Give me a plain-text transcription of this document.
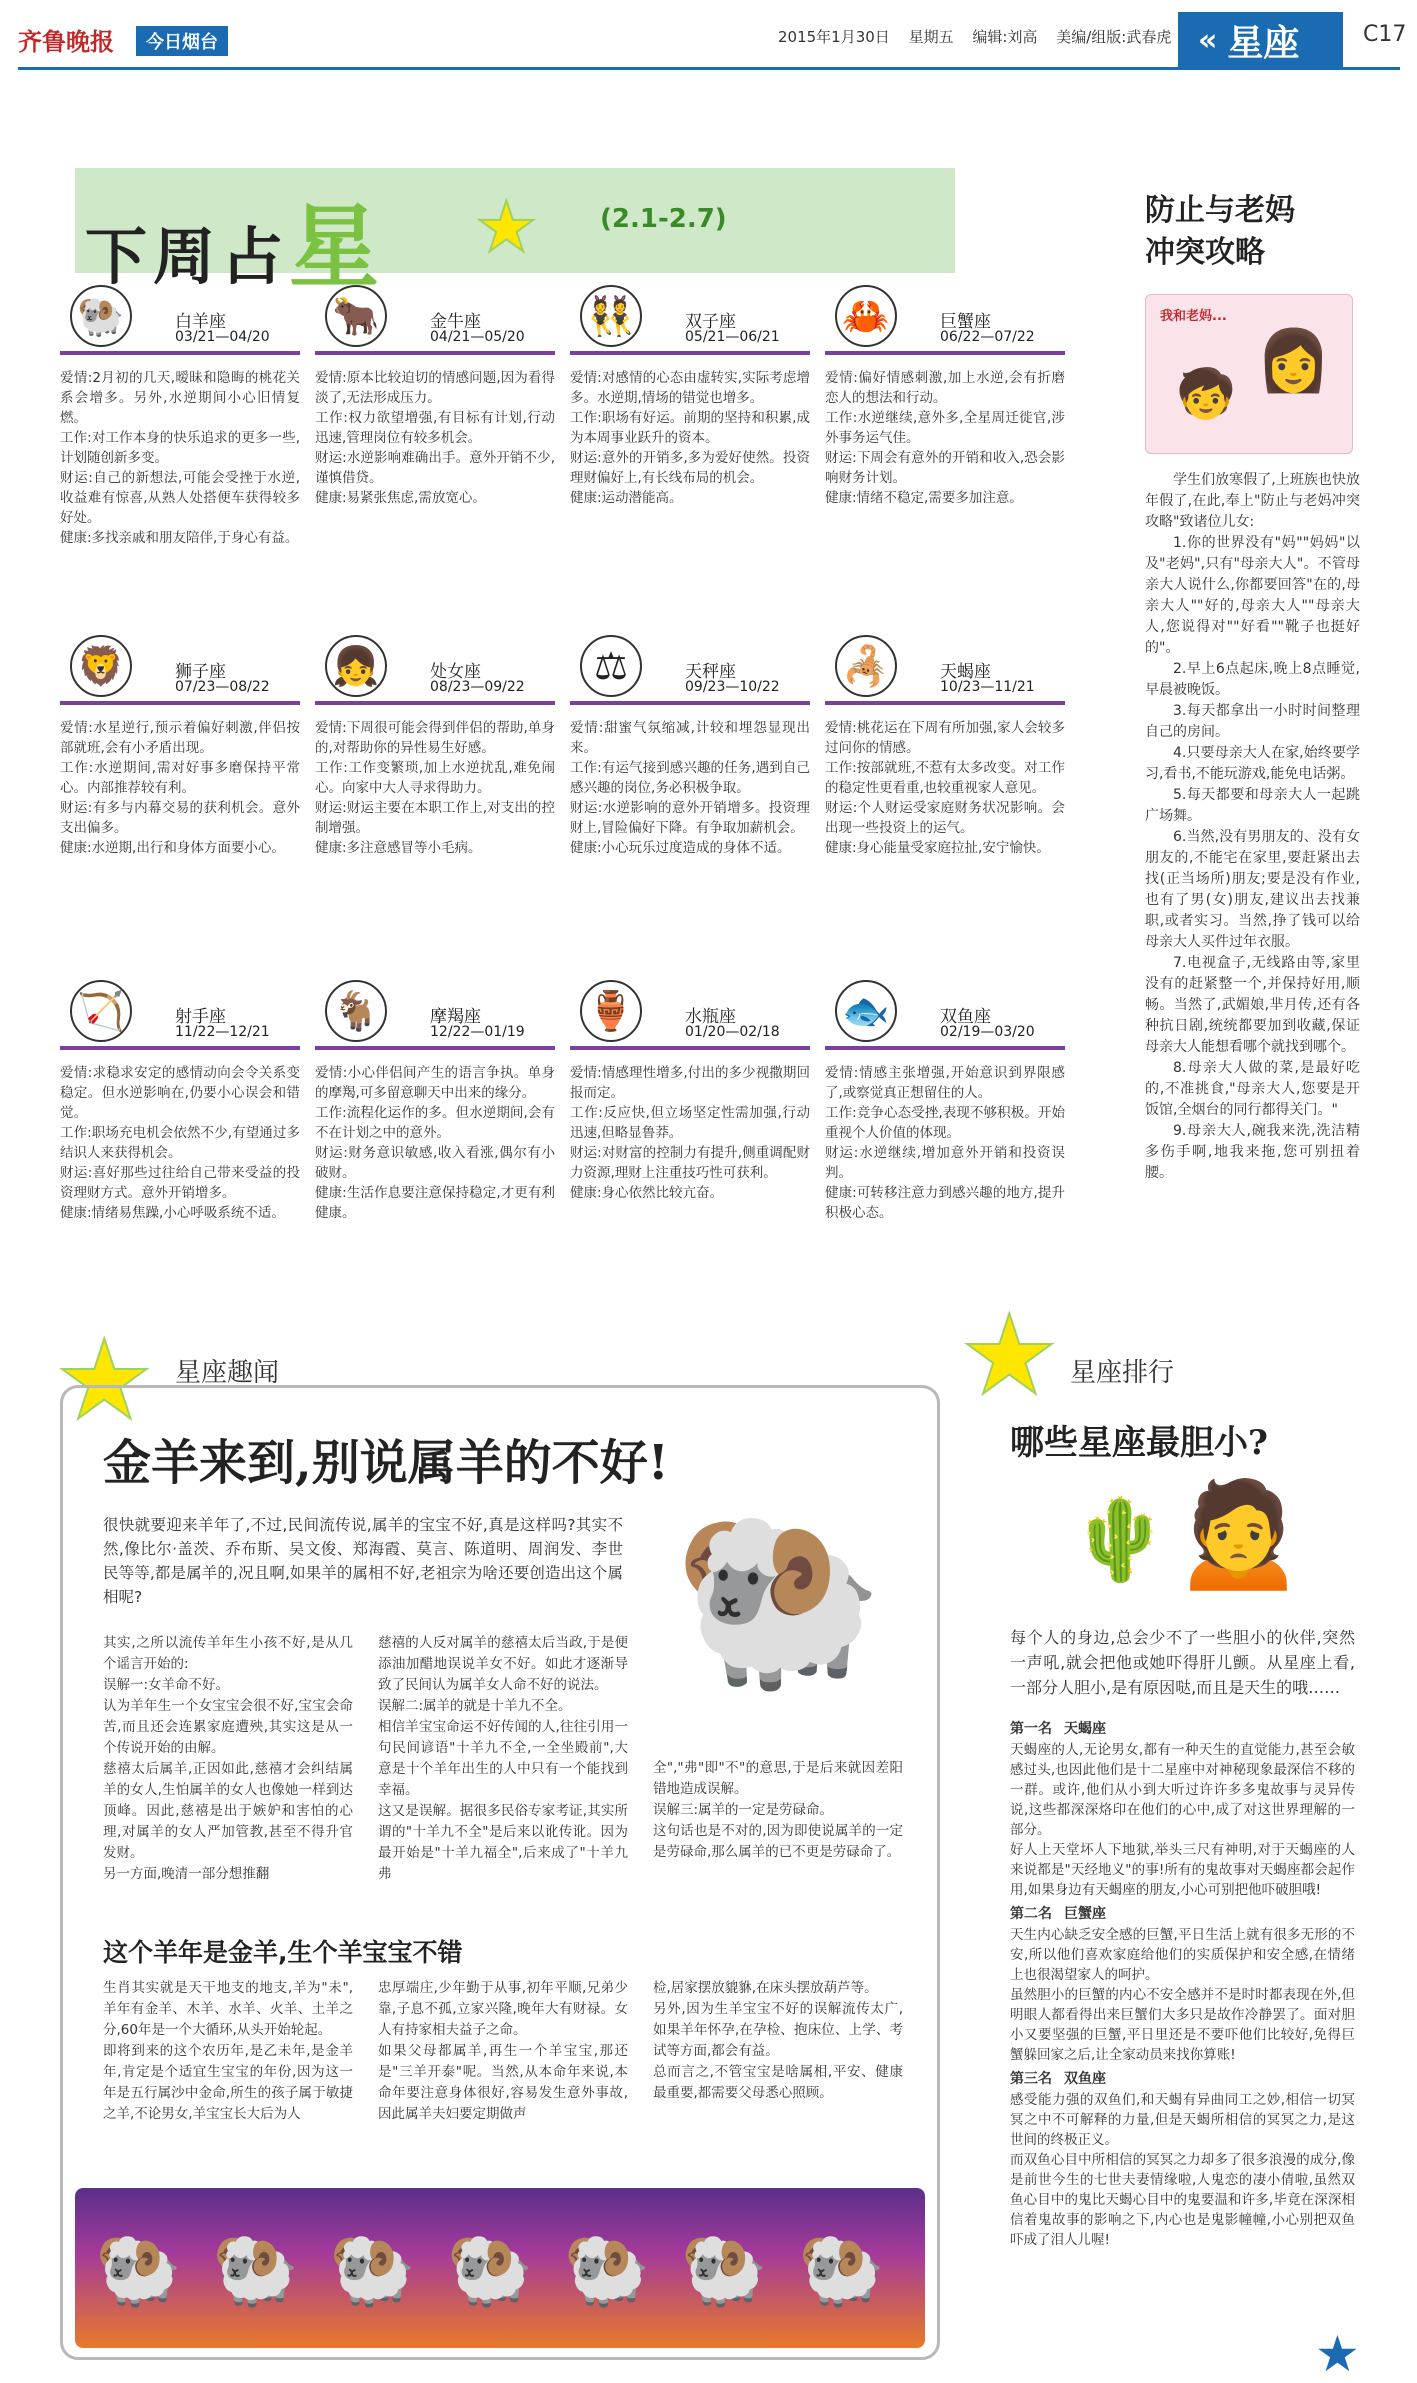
齐鲁晚报	今日烟台	2015年1月30日 星期五 编辑:刘高 美编/组版:武春虎 « 星座	C17
下周占星 ★ (2.1-2.7)
🐏	白羊座
03/21—04/20
爱情:2月初的几天,暧昧和隐晦的桃花关系会增多。另外,水逆期间小心旧情复燃。
工作:对工作本身的快乐追求的更多一些,计划随创新多变。
财运:自己的新想法,可能会受挫于水逆,收益难有惊喜,从熟人处搭便车获得较多好处。
健康:多找亲戚和朋友陪伴,于身心有益。
🐂	金牛座
04/21—05/20
爱情:原本比较迫切的情感问题,因为看得淡了,无法形成压力。
工作:权力欲望增强,有目标有计划,行动迅速,管理岗位有较多机会。
财运:水逆影响难确出手。意外开销不少,谨慎借贷。
健康:易紧张焦虑,需放宽心。
👯	双子座
05/21—06/21
爱情:对感情的心态由虚转实,实际考虑增多。水逆期,情场的错觉也增多。
工作:职场有好运。前期的坚持和积累,成为本周事业跃升的资本。
财运:意外的开销多,多为爱好使然。投资理财偏好上,有长线布局的机会。
健康:运动潜能高。
🦀	巨蟹座
06/22—07/22
爱情:偏好情感刺激,加上水逆,会有折磨恋人的想法和行动。
工作:水逆继续,意外多,全星周迁徙官,涉外事务运气佳。
财运:下周会有意外的开销和收入,恐会影响财务计划。
健康:情绪不稳定,需要多加注意。
🦁	狮子座
07/23—08/22
爱情:水星逆行,预示着偏好刺激,伴侣按部就班,会有小矛盾出现。
工作:水逆期间,需对好事多磨保持平常心。内部推荐较有利。
财运:有多与内幕交易的获利机会。意外支出偏多。
健康:水逆期,出行和身体方面要小心。
👧	处女座
08/23—09/22
爱情:下周很可能会得到伴侣的帮助,单身的,对帮助你的异性易生好感。
工作:工作变繁琐,加上水逆扰乱,难免闹心。向家中大人寻求得助力。
财运:财运主要在本职工作上,对支出的控制增强。
健康:多注意感冒等小毛病。
⚖	天秤座
09/23—10/22
爱情:甜蜜气氛缩减,计较和埋怨显现出来。
工作:有运气接到感兴趣的任务,遇到自己感兴趣的岗位,务必积极争取。
财运:水逆影响的意外开销增多。投资理财上,冒险偏好下降。有争取加薪机会。
健康:小心玩乐过度造成的身体不适。
🦂	天蝎座
10/23—11/21
爱情:桃花运在下周有所加强,家人会较多过问你的情感。
工作:按部就班,不惹有太多改变。对工作的稳定性更看重,也较重视家人意见。
财运:个人财运受家庭财务状况影响。会出现一些投资上的运气。
健康:身心能量受家庭拉扯,安宁愉快。
🏹	射手座
11/22—12/21
爱情:求稳求安定的感情动向会令关系变稳定。但水逆影响在,仍要小心误会和错觉。
工作:职场充电机会依然不少,有望通过多结识人来获得机会。
财运:喜好那些过往给自己带来受益的投资理财方式。意外开销增多。
健康:情绪易焦躁,小心呼吸系统不适。
🐐	摩羯座
12/22—01/19
爱情:小心伴侣间产生的语言争执。单身的摩羯,可多留意聊天中出来的缘分。
工作:流程化运作的多。但水逆期间,会有不在计划之中的意外。
财运:财务意识敏感,收入看涨,偶尔有小破财。
健康:生活作息要注意保持稳定,才更有利健康。
🏺	水瓶座
01/20—02/18
爱情:情感理性增多,付出的多少视撒期回报而定。
工作:反应快,但立场坚定性需加强,行动迅速,但略显鲁莽。
财运:对财富的控制力有提升,侧重调配财力资源,理财上注重技巧性可获利。
健康:身心依然比较亢奋。
🐟	双鱼座
02/19—03/20
爱情:情感主张增强,开始意识到界限感了,或察觉真正想留住的人。
工作:竞争心态受挫,表现不够积极。开始重视个人价值的体现。
财运:水逆继续,增加意外开销和投资误判。
健康:可转移注意力到感兴趣的地方,提升积极心态。
防止与老妈
冲突攻略
我和老妈...
👩
🧒
学生们放寒假了,上班族也快放年假了,在此,奉上"防止与老妈冲突攻略"致诸位儿女:
1.你的世界没有"妈""妈妈"以及"老妈",只有"母亲大人"。不管母亲大人说什么,你都要回答"在的,母亲大人""好的,母亲大人""母亲大人,您说得对""好看""靴子也挺好的"。
2.早上6点起床,晚上8点睡觉,早晨被晚饭。
3.每天都拿出一小时时间整理自己的房间。
4.只要母亲大人在家,始终要学习,看书,不能玩游戏,能免电话粥。
5.每天都要和母亲大人一起跳广场舞。
6.当然,没有男朋友的、没有女朋友的,不能宅在家里,要赶紧出去找(正当场所)朋友;要是没有作业,也有了男(女)朋友,建议出去找兼职,或者实习。当然,挣了钱可以给母亲大人买件过年衣服。
7.电视盒子,无线路由等,家里没有的赶紧整一个,并保持好用,顺畅。当然了,武媚娘,芈月传,还有各种抗日剧,统统都要加到收藏,保证母亲大人能想看哪个就找到哪个。
8.母亲大人做的菜,是最好吃的,不准挑食,"母亲大人,您要是开饭馆,全烟台的同行都得关门。"
9.母亲大人,碗我来洗,洗洁精多伤手啊,地我来拖,您可别扭着腰。
★ 星座趣闻
金羊来到,别说属羊的不好!
很快就要迎来羊年了,不过,民间流传说,属羊的宝宝不好,真是这样吗?其实不然,像比尔·盖茨、乔布斯、吴文俊、郑海霞、莫言、陈道明、周润发、李世民等等,都是属羊的,况且啊,如果羊的属相不好,老祖宗为啥还要创造出这个属相呢?	🐏
其实,之所以流传羊年生小孩不好,是从几个谣言开始的:
误解一:女羊命不好。
认为羊年生一个女宝宝会很不好,宝宝会命苦,而且还会连累家庭遭殃,其实这是从一个传说开始的由解。
慈禧太后属羊,正因如此,慈禧才会纠结属羊的女人,生怕属羊的女人也像她一样到达顶峰。因此,慈禧是出于嫉妒和害怕的心理,对属羊的女人严加管教,甚至不得升官发财。
另一方面,晚清一部分想推翻
慈禧的人反对属羊的慈禧太后当政,于是便添油加醋地误说羊女不好。如此才逐渐导致了民间认为属羊女人命不好的说法。
误解二:属羊的就是十羊九不全。
相信羊宝宝命运不好传闻的人,往往引用一句民间谚语"十羊九不全,一全坐殿前",大意是十个羊年出生的人中只有一个能找到幸福。
这又是误解。据很多民俗专家考证,其实所谓的"十羊九不全"是后来以讹传讹。因为最开始是"十羊九福全",后来成了"十羊九弗
全","弗"即"不"的意思,于是后来就因差阳错地造成误解。
误解三:属羊的一定是劳碌命。
这句话也是不对的,因为即使说属羊的一定是劳碌命,那么属羊的已不更是劳碌命了。
这个羊年是金羊,生个羊宝宝不错
生肖其实就是天干地支的地支,羊为"未",羊年有金羊、木羊、水羊、火羊、土羊之分,60年是一个大循环,从头开始轮起。
即将到来的这个农历年,是乙未年,是金羊年,肯定是个适宜生宝宝的年份,因为这一年是五行属沙中金命,所生的孩子属于敏捷之羊,不论男女,羊宝宝长大后为人
忠厚端庄,少年勤于从事,初年平顺,兄弟少靠,子息不孤,立家兴隆,晚年大有财禄。女人有持家相夫益子之命。
如果父母都属羊,再生一个羊宝宝,那还是"三羊开泰"呢。当然,从本命年来说,本命年要注意身体很好,容易发生意外事故,因此属羊夫妇要定期做声
检,居家摆放貔貅,在床头摆放葫芦等。
另外,因为生羊宝宝不好的误解流传太广,如果羊年怀孕,在孕检、抱床位、上学、考试等方面,都会有益。
总而言之,不管宝宝是啥属相,平安、健康最重要,都需要父母悉心照顾。
🐏🐏🐏🐏🐏🐏🐏
★ 星座排行
哪些星座最胆小?
🙍
🌵
每个人的身边,总会少不了一些胆小的伙伴,突然一声吼,就会把他或她吓得肝儿颤。从星座上看,一部分人胆小,是有原因哒,而且是天生的哦……
第一名 天蝎座
天蝎座的人,无论男女,都有一种天生的直觉能力,甚至会敏感过头,也因此他们是十二星座中对神秘现象最深信不移的一群。或许,他们从小到大听过许许多多鬼故事与灵异传说,这些都深深烙印在他们的心中,成了对这世界理解的一部分。
好人上天堂坏人下地狱,举头三尺有神明,对于天蝎座的人来说都是"天经地义"的事!所有的鬼故事对天蝎座都会起作用,如果身边有天蝎座的朋友,小心可别把他吓破胆哦!
第二名 巨蟹座
天生内心缺乏安全感的巨蟹,平日生活上就有很多无形的不安,所以他们喜欢家庭给他们的实质保护和安全感,在情绪上也很渴望家人的呵护。
虽然胆小的巨蟹的内心不安全感并不是时时都表现在外,但明眼人都看得出来巨蟹们大多只是故作冷静罢了。面对胆小又要坚强的巨蟹,平日里还是不要吓他们比较好,免得巨蟹躲回家之后,让全家动员来找你算账!
第三名 双鱼座
感受能力强的双鱼们,和天蝎有异曲同工之妙,相信一切冥冥之中不可解释的力量,但是天蝎所相信的冥冥之力,是这世间的终极正义。
而双鱼心目中所相信的冥冥之力却多了很多浪漫的成分,像是前世今生的七世夫妻情缘啦,人鬼恋的凄小倩啦,虽然双鱼心目中的鬼比天蝎心目中的鬼要温和许多,毕竟在深深相信着鬼故事的影响之下,内心也是鬼影幢幢,小心别把双鱼吓成了泪人儿喔!
★
